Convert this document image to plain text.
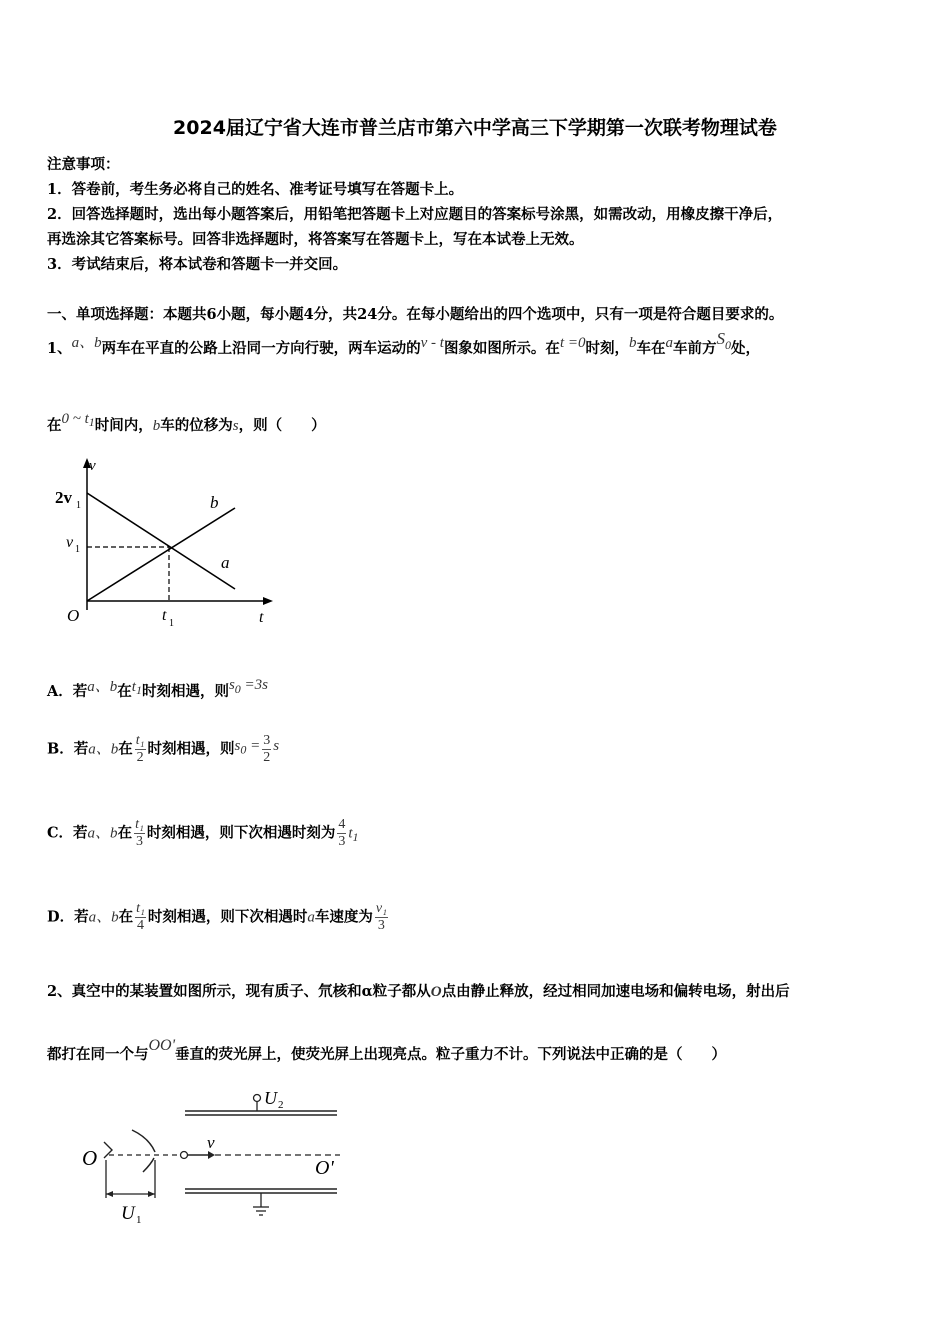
2024届辽宁省大连市普兰店市第六中学高三下学期第一次联考物理试卷
注意事项：
1．答卷前，考生务必将自己的姓名、准考证号填写在答题卡上。
2．回答选择题时，选出每小题答案后，用铅笔把答题卡上对应题目的答案标号涂黑，如需改动，用橡皮擦干净后，
再选涂其它答案标号。回答非选择题时，将答案写在答题卡上，写在本试卷上无效。
3．考试结束后，将本试卷和答题卡一并交回。
一、单项选择题：本题共6小题，每小题4分，共24分。在每小题给出的四个选项中，只有一项是符合题目要求的。
1、a、b两车在平直的公路上沿同一方向行驶，两车运动的v - t图象如图所示。在t =0时刻，b车在a车前方$S^0$处，
在0 ~ $t^1$时间内，b车的位移为s，则（　　）
v
t
O
2v 1
v 1
t 1
b
a
A．若a、b在t1时刻相遇，则$s^0 =3s$
B．若a、b在 $\frac{\text{t₁}}{2}$ 时刻相遇，则$s0 = \frac{3}{2}$ s
C．若a、b在 $\frac{\text{t₁}}{3}$ 时刻相遇，则下次相遇时刻为 $\frac{4}{3} t_1$
D．若a、b在 $\frac{\text{t₁}}{4}$ 时刻相遇，则下次相遇时a车速度为 $\frac{\text{v₁}}{3}$
2、真空中的某装置如图所示，现有质子、氘核和α粒子都从O点由静止释放，经过相同加速电场和偏转电场，射出后
都打在同一个与OO'垂直的荧光屏上，使荧光屏上出现亮点。粒子重力不计。下列说法中正确的是（　　）
U 2
O
v
O'
U 1
